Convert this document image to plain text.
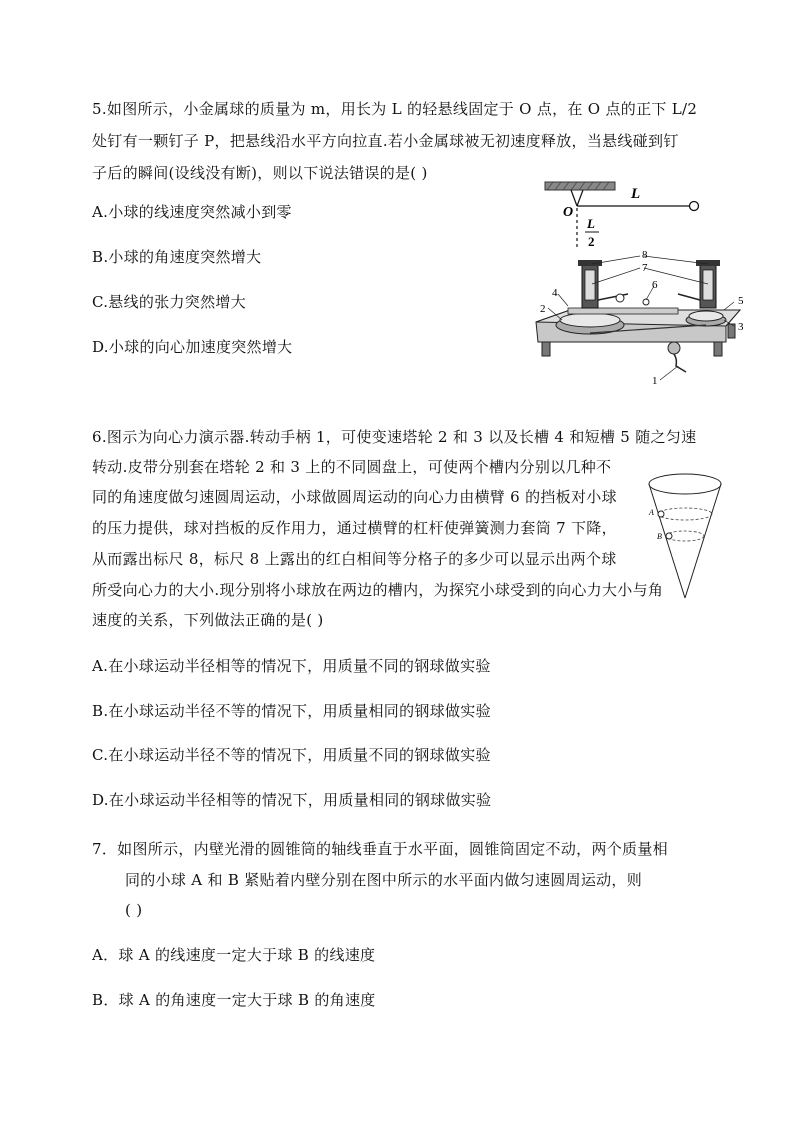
5.如图所示，小金属球的质量为 m，用长为 L 的轻悬线固定于 O 点，在 O 点的正下 L/2
处钉有一颗钉子 P，把悬线沿水平方向拉直.若小金属球被无初速度释放，当悬线碰到钉
子后的瞬间(设线没有断)，则以下说法错误的是( )
A.小球的线速度突然减小到零
B.小球的角速度突然增大
C.悬线的张力突然增大
D.小球的向心加速度突然增大
O
L
L
2
8
7
6
4
2
5
3
1
6.图示为向心力演示器.转动手柄 1，可使变速塔轮 2 和 3 以及长槽 4 和短槽 5 随之匀速
转动.皮带分别套在塔轮 2 和 3 上的不同圆盘上，可使两个槽内分别以几种不
同的角速度做匀速圆周运动，小球做圆周运动的向心力由横臂 6 的挡板对小球
的压力提供，球对挡板的反作用力，通过横臂的杠杆使弹簧测力套筒 7 下降，
从而露出标尺 8，标尺 8 上露出的红白相间等分格子的多少可以显示出两个球
所受向心力的大小.现分别将小球放在两边的槽内，为探究小球受到的向心力大小与角
速度的关系，下列做法正确的是( )
A.在小球运动半径相等的情况下，用质量不同的钢球做实验
B.在小球运动半径不等的情况下，用质量相同的钢球做实验
C.在小球运动半径不等的情况下，用质量不同的钢球做实验
D.在小球运动半径相等的情况下，用质量相同的钢球做实验
A
B
7．如图所示，内壁光滑的圆锥筒的轴线垂直于水平面，圆锥筒固定不动，两个质量相
同的小球 A 和 B 紧贴着内壁分别在图中所示的水平面内做匀速圆周运动，则
( )
A．球 A 的线速度一定大于球 B 的线速度
B．球 A 的角速度一定大于球 B 的角速度
